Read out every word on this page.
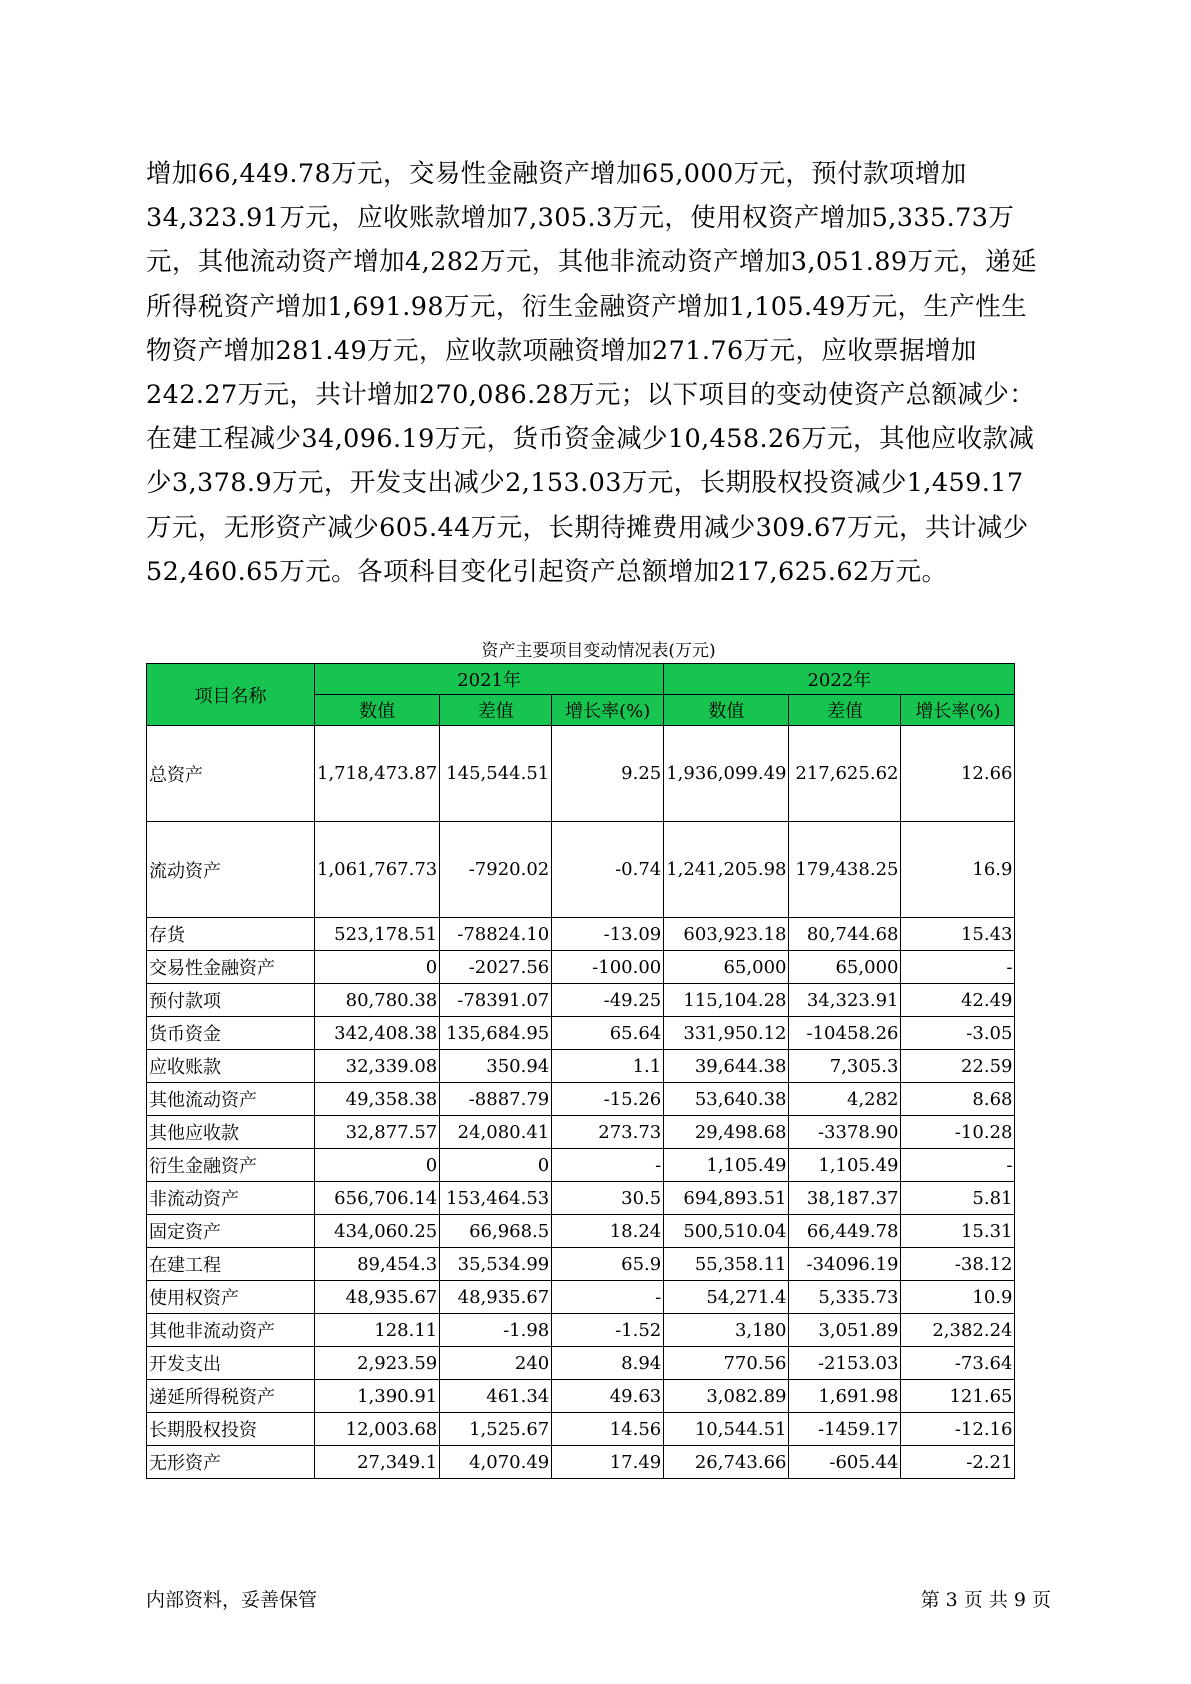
增加66,449.78万元，交易性金融资产增加65,000万元，预付款项增加34,323.91万元，应收账款增加7,305.3万元，使用权资产增加5,335.73万元，其他流动资产增加4,282万元，其他非流动资产增加3,051.89万元，递延所得税资产增加1,691.98万元，衍生金融资产增加1,105.49万元，生产性生物资产增加281.49万元，应收款项融资增加271.76万元，应收票据增加242.27万元，共计增加270,086.28万元；以下项目的变动使资产总额减少：在建工程减少34,096.19万元，货币资金减少10,458.26万元，其他应收款减少3,378.9万元，开发支出减少2,153.03万元，长期股权投资减少1,459.17万元，无形资产减少605.44万元，长期待摊费用减少309.67万元，共计减少52,460.65万元。各项科目变化引起资产总额增加217,625.62万元。

资产主要项目变动情况表(万元)

项目名称	2021年			2022年		
	数值	差值	增长率(%)	数值	差值	增长率(%)
总资产	1,718,473.87	145,544.51	9.25	1,936,099.49	217,625.62	12.66
流动资产	1,061,767.73	-7920.02	-0.74	1,241,205.98	179,438.25	16.9
存货	523,178.51	-78824.10	-13.09	603,923.18	80,744.68	15.43
交易性金融资产	0	-2027.56	-100.00	65,000	65,000	-
预付款项	80,780.38	-78391.07	-49.25	115,104.28	34,323.91	42.49
货币资金	342,408.38	135,684.95	65.64	331,950.12	-10458.26	-3.05
应收账款	32,339.08	350.94	1.1	39,644.38	7,305.3	22.59
其他流动资产	49,358.38	-8887.79	-15.26	53,640.38	4,282	8.68
其他应收款	32,877.57	24,080.41	273.73	29,498.68	-3378.90	-10.28
衍生金融资产	0	0	-	1,105.49	1,105.49	-
非流动资产	656,706.14	153,464.53	30.5	694,893.51	38,187.37	5.81
固定资产	434,060.25	66,968.5	18.24	500,510.04	66,449.78	15.31
在建工程	89,454.3	35,534.99	65.9	55,358.11	-34096.19	-38.12
使用权资产	48,935.67	48,935.67	-	54,271.4	5,335.73	10.9
其他非流动资产	128.11	-1.98	-1.52	3,180	3,051.89	2,382.24
开发支出	2,923.59	240	8.94	770.56	-2153.03	-73.64
递延所得税资产	1,390.91	461.34	49.63	3,082.89	1,691.98	121.65
长期股权投资	12,003.68	1,525.67	14.56	10,544.51	-1459.17	-12.16
无形资产	27,349.1	4,070.49	17.49	26,743.66	-605.44	-2.21

内部资料，妥善保管	第 3 页 共 9 页
